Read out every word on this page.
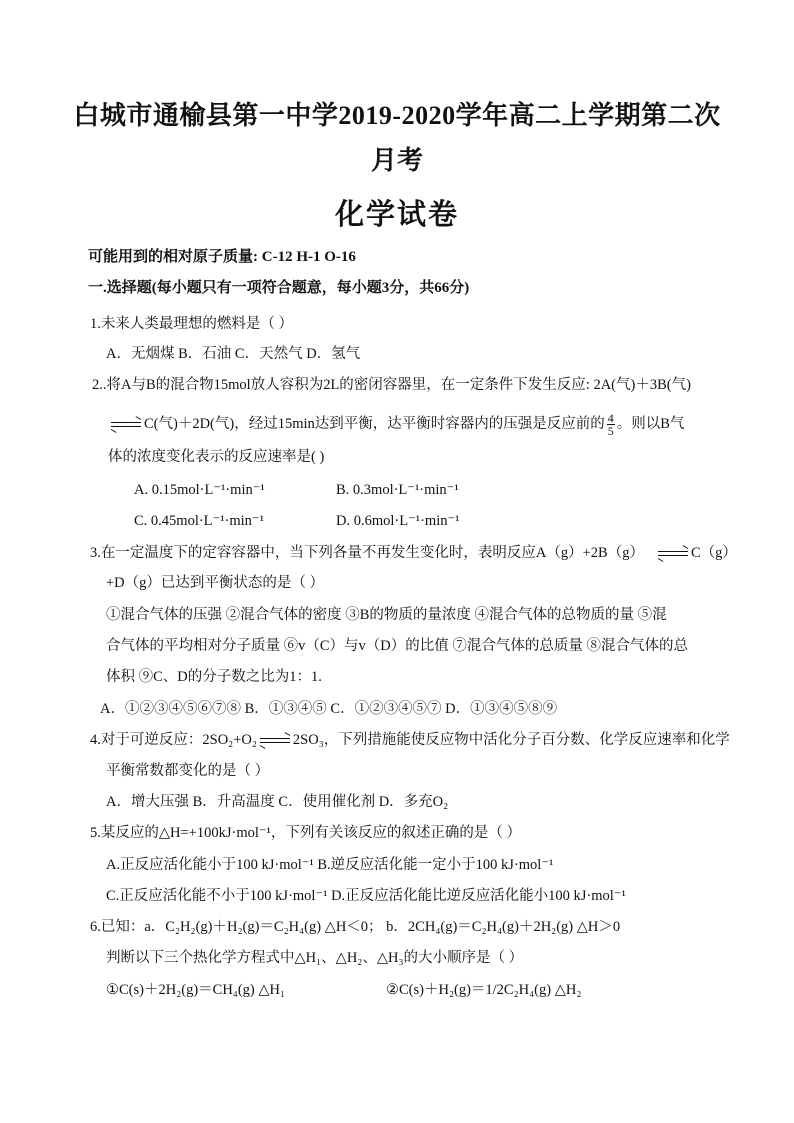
白城市通榆县第一中学2019-2020学年高二上学期第二次
月考
化学试卷
可能用到的相对原子质量: C-12 H-1 O-16
一.选择题(每小题只有一项符合题意，每小题3分，共66分)
1.未来人类最理想的燃料是（ ）
A．无烟煤 B．石油 C．天然气 D．氢气
2..将A与B的混合物15mol放人容积为2L的密闭容器里，在一定条件下发生反应: 2A(气)＋3B(气)
C(气)＋2D(气)，经过15min达到平衡，达平衡时容器内的压强是反应前的 $\frac{4}{5}$ 。则以B气
体的浓度变化表示的反应速率是( )
A. 0.15mol·L⁻¹·min⁻¹	B. 0.3mol·L⁻¹·min⁻¹
C. 0.45mol·L⁻¹·min⁻¹	D. 0.6mol·L⁻¹·min⁻¹
3.在一定温度下的定容容器中，当下列各量不再发生变化时，表明反应A（g）+2B（g）	C（g）
+D（g）已达到平衡状态的是（ ）
①混合气体的压强 ②混合气体的密度 ③B的物质的量浓度 ④混合气体的总物质的量 ⑤混
合气体的平均相对分子质量 ⑥v（C）与v（D）的比值 ⑦混合气体的总质量 ⑧混合气体的总
体积 ⑨C、D的分子数之比为1：1.
A．①②③④⑤⑥⑦⑧ B．①③④⑤ C．①②③④⑤⑦ D．①③④⑤⑧⑨
4.对于可逆反应：2SO₂+O₂ 2SO₃，下列措施能使反应物中活化分子百分数、化学反应速率和化学
平衡常数都变化的是（ ）
A．增大压强 B．升高温度 C．使用催化剂 D．多充O₂
5.某反应的△H=+100kJ·mol⁻¹，下列有关该反应的叙述正确的是（ ）
A.正反应活化能小于100 kJ·mol⁻¹ B.逆反应活化能一定小于100 kJ·mol⁻¹
C.正反应活化能不小于100 kJ·mol⁻¹ D.正反应活化能比逆反应活化能小100 kJ·mol⁻¹
6.已知：a．C₂H₂(g)＋H₂(g)＝C₂H₄(g) △H＜0； b．2CH₄(g)＝C₂H₄(g)＋2H₂(g) △H＞0
判断以下三个热化学方程式中△H₁、△H₂、△H₃的大小顺序是（ ）
①C(s)＋2H₂(g)＝CH₄(g) △H₁	②C(s)＋H₂(g)＝1/2C₂H₄(g) △H₂
